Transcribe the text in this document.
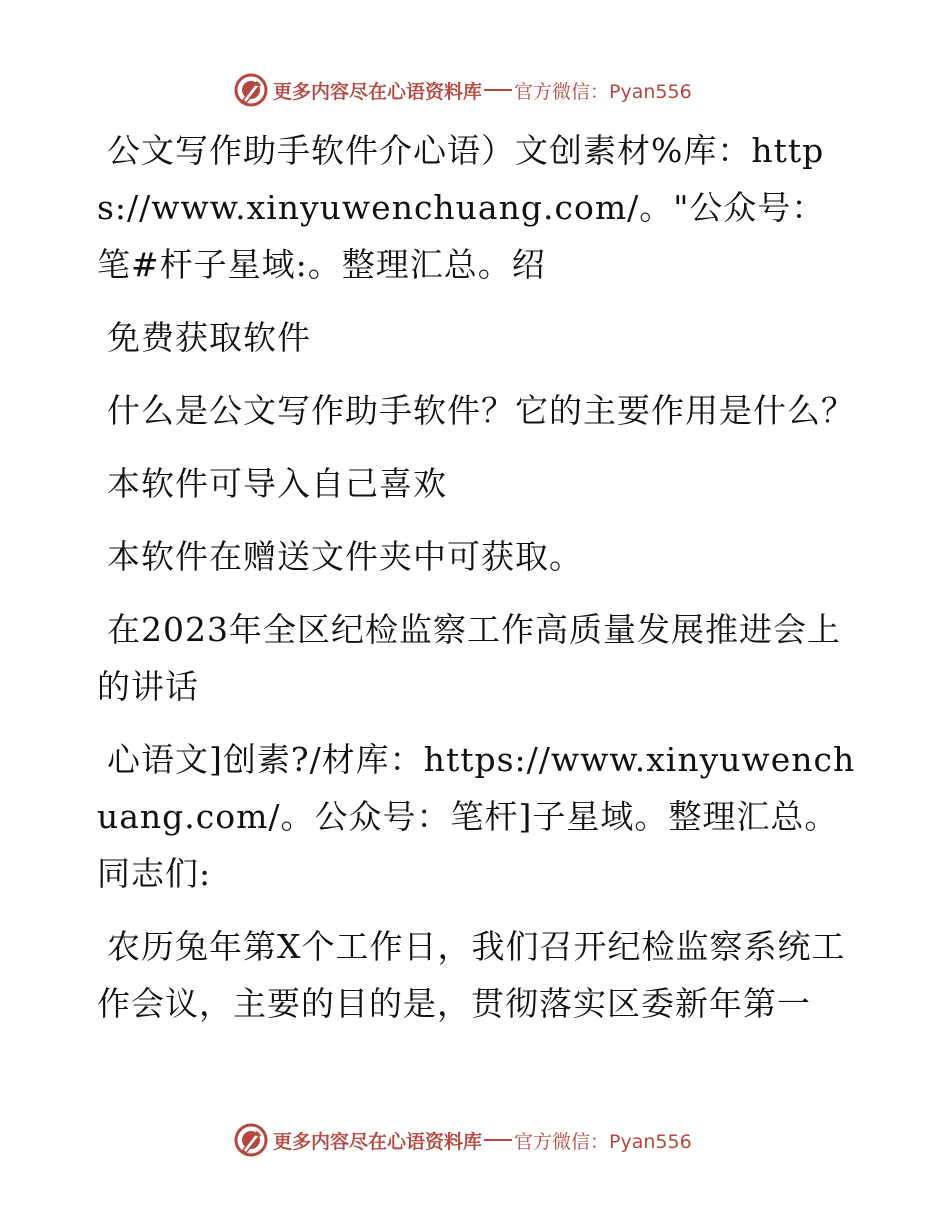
更多内容尽在心语资料库 官方微信：Pyan556

公文写作助手软件介心语）文创素材%库：https://www.xinyuwenchuang.com/。"公众号：笔#杆子星域:。整理汇总。绍

免费获取软件

什么是公文写作助手软件？它的主要作用是什么？

本软件可导入自己喜欢

本软件在赠送文件夹中可获取。

在2023年全区纪检监察工作高质量发展推进会上的讲话

心语文]创素?/材库：https://www.xinyuwenchuang.com/。公众号：笔杆]子星域。整理汇总。同志们:

农历兔年第X个工作日，我们召开纪检监察系统工作会议，主要的目的是，贯彻落实区委新年第一

更多内容尽在心语资料库 官方微信：Pyan556
